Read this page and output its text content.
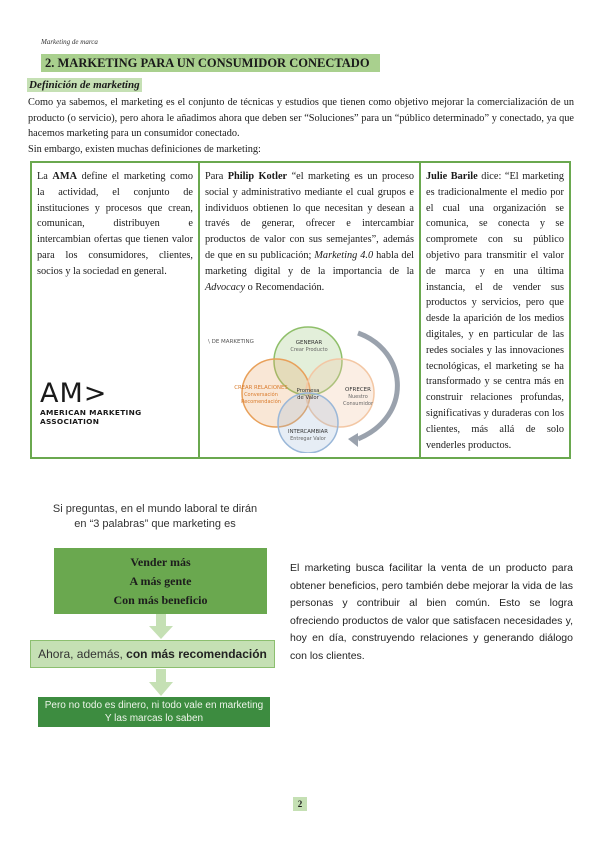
Marketing de marca
2. MARKETING PARA UN CONSUMIDOR CONECTADO
Definición de marketing

Como ya sabemos, el marketing es el conjunto de técnicas y estudios que tienen como objetivo mejorar la comercialización de un producto (o servicio), pero ahora le añadimos ahora que deben ser “Soluciones” para un “público determinado” y conectado, ya que hacemos marketing para un consumidor conectado.

Sin embargo, existen muchas definiciones de marketing:

La AMA define el marketing como la actividad, el conjunto de instituciones y procesos que crean, comunican, distribuyen e intercambian ofertas que tienen valor para los consumidores, clientes, socios y la sociedad en general.

AM>
AMERICAN MARKETING
ASSOCIATION

Para Philip Kotler “el marketing es un proceso social y administrativo mediante el cual grupos e individuos obtienen lo que necesitan y desean a través de generar, ofrecer e intercambiar productos de valor con sus semejantes”, además de que en su publicación; Marketing 4.0 habla del marketing digital y de la importancia de la Advocacy o Recomendación.

\ DE MARKETING	GENERAR
Crear Producto
CREAR RELACIONES
Conversación
Recomendación
OFRECER
Nuestro
Consumidor
Promesa
de Valor
INTERCAMBIAR
Entregar Valor

Julie Barile dice: “El marketing es tradicionalmente el medio por el cual una organización se comunica, se conecta y se compromete con su público objetivo para transmitir el valor de marca y en una última instancia, el de vender sus productos y servicios, pero que desde la aparición de los medios digitales, y en particular de las redes sociales y las innovaciones tecnológicas, el marketing se ha transformado y se centra más en construir relaciones profundas, significativas y duraderas con los clientes, más allá de solo venderles productos.

Si preguntas, en el mundo laboral te dirán
en “3 palabras” que marketing es
Vender más
A más gente
Con más beneficio
Ahora, además, con más recomendación
Pero no todo es dinero, ni todo vale en marketing
Y las marcas lo saben
El marketing busca facilitar la venta de un producto para obtener beneficios, pero también debe mejorar la vida de las personas y contribuir al bien común. Esto se logra ofreciendo productos de valor que satisfacen necesidades y, hoy en día, construyendo relaciones y generando diálogo con los clientes.
2
